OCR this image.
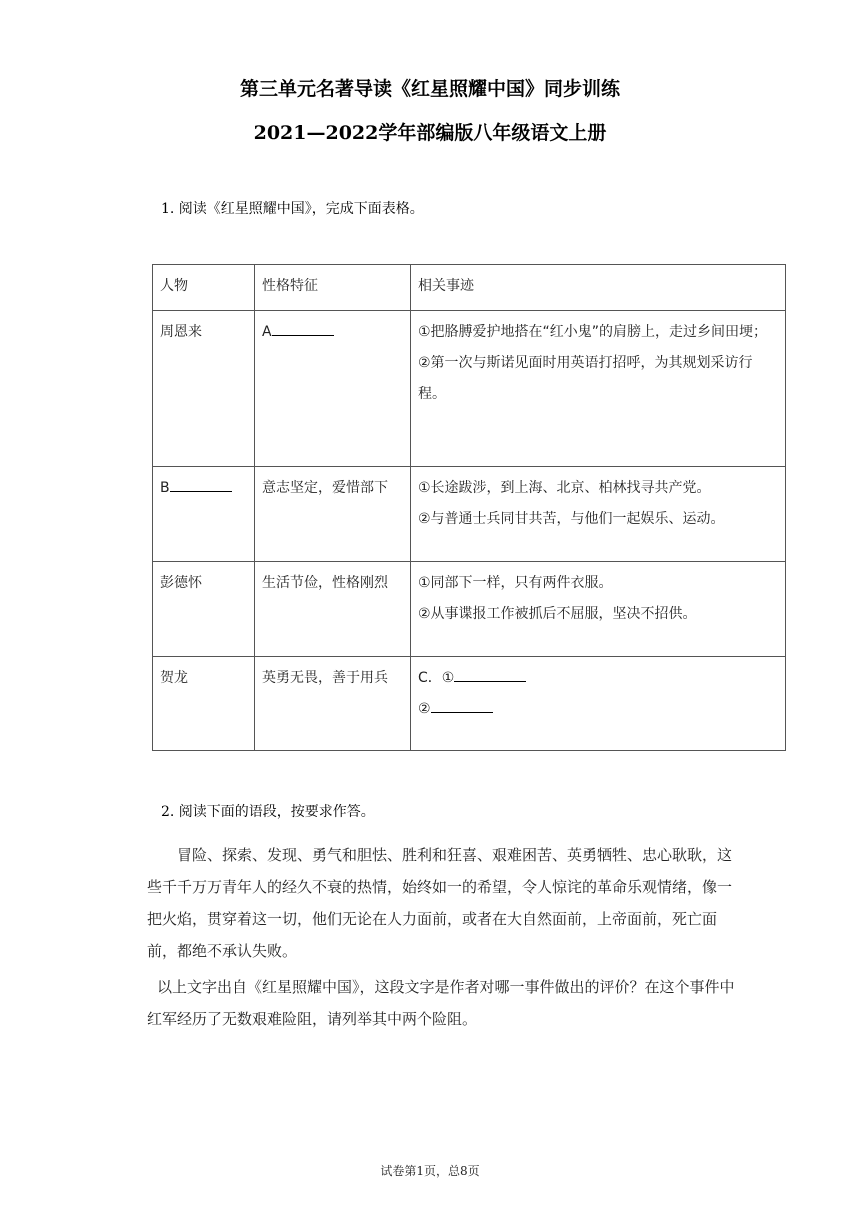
第三单元名著导读《红星照耀中国》同步训练
2021—2022学年部编版八年级语文上册
1. 阅读《红星照耀中国》，完成下面表格。
人物	性格特征	相关事迹
周恩来	A	①把胳膊爱护地搭在“红小鬼”的肩膀上，走过乡间田埂；
②第一次与斯诺见面时用英语打招呼，为其规划采访行程。

B	意志坚定，爱惜部下	①长途跋涉，到上海、北京、柏林找寻共产党。
②与普通士兵同甘共苦，与他们一起娱乐、运动。

彭德怀	生活节俭，性格刚烈	①同部下一样，只有两件衣服。
②从事谍报工作被抓后不屈服，坚决不招供。

贺龙	英勇无畏，善于用兵	C．①
②
2. 阅读下面的语段，按要求作答。
冒险、探索、发现、勇气和胆怯、胜利和狂喜、艰难困苦、英勇牺牲、忠心耿耿，这些千千万万青年人的经久不衰的热情，始终如一的希望，令人惊诧的革命乐观情绪，像一把火焰，贯穿着这一切，他们无论在人力面前，或者在大自然面前，上帝面前，死亡面前，都绝不承认失败。
以上文字出自《红星照耀中国》，这段文字是作者对哪一事件做出的评价？在这个事件中红军经历了无数艰难险阻，请列举其中两个险阻。
试卷第1页，总8页
